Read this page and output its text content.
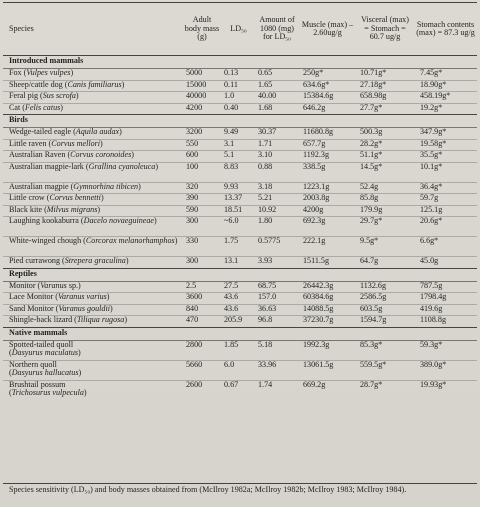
Species	Adult body mass (g)	LD₅₀	Amount of 1080 (mg) for LD₅₀	Muscle (max) – 2.60ug/g	Visceral (max) = Stomach = 60.7 ug/g	Stomach contents (max) = 87.3 ug/g
Introduced mammals						
Fox (Vulpes vulpes)	5000	0.13	0.65	250g*	10.71g*	7.45g*
Sheep/cattle dog (Canis familiarus)	15000	0.11	1.65	634.6g*	27.18g*	18.90g*
Feral pig (Sus scrofa)	40000	1.0	40.00	15384.6g	658.98g	458.19g*
Cat (Felis catus)	4200	0.40	1.68	646.2g	27.7g*	19.2g*
Birds						
Wedge-tailed eagle (Aquila audax)	3200	9.49	30.37	11680.8g	500.3g	347.9g*
Little raven (Corvus mellori)	550	3.1	1.71	657.7g	28.2g*	19.58g*
Australian Raven (Corvus coronoides)	600	5.1	3.10	1192.3g	51.1g*	35.5g*
Australian magpie-lark (Grallina cyanoleuca)	100	8.83	0.88	338.5g	14.5g*	10.1g*
Australian magpie (Gymnorhina tibicen)	320	9.93	3.18	1223.1g	52.4g	36.4g*
Little crow (Corvus bennetti)	390	13.37	5.21	2003.8g	85.8g	59.7g
Black kite (Milvus migrans)	590	18.51	10.92	4200g	179.9g	125.1g
Laughing kookaburra (Dacelo novaeguineae)	300	~6.0	1.80	692.3g	29.7g*	20.6g*
White-winged chough (Corcorax melanorhamphos)	330	1.75	0.5775	222.1g	9.5g*	6.6g*
Pied currawong (Strepera graculina)	300	13.1	3.93	1511.5g	64.7g	45.0g
Reptiles						
Monitor (Varanus sp.)	2.5	27.5	68.75	26442.3g	1132.6g	787.5g
Lace Monitor (Varanus varius)	3600	43.6	157.0	60384.6g	2586.5g	1798.4g
Sand Monitor (Varanus gouldii)	840	43.6	36.63	14088.5g	603.5g	419.6g
Shingle-back lizard (Tiliqua rugosa)	470	205.9	96.8	37230.7g	1594.7g	1108.8g
Native mammals						
Spotted-tailed quoll
(Dasyurus maculatus)	2800	1.85	5.18	1992.3g	85.3g*	59.3g*
Northern quoll
(Dasyurus hallucatus)	5660	6.0	33.96	13061.5g	559.5g*	389.0g*
Brushtail possum
(Trichosurus vulpecula)	2600	0.67	1.74	669.2g	28.7g*	19.93g*
Species sensitivity (LD₅₀) and body masses obtained from (McIlroy 1982a; McIlroy 1982b; McIlroy 1983; McIlroy 1984).
